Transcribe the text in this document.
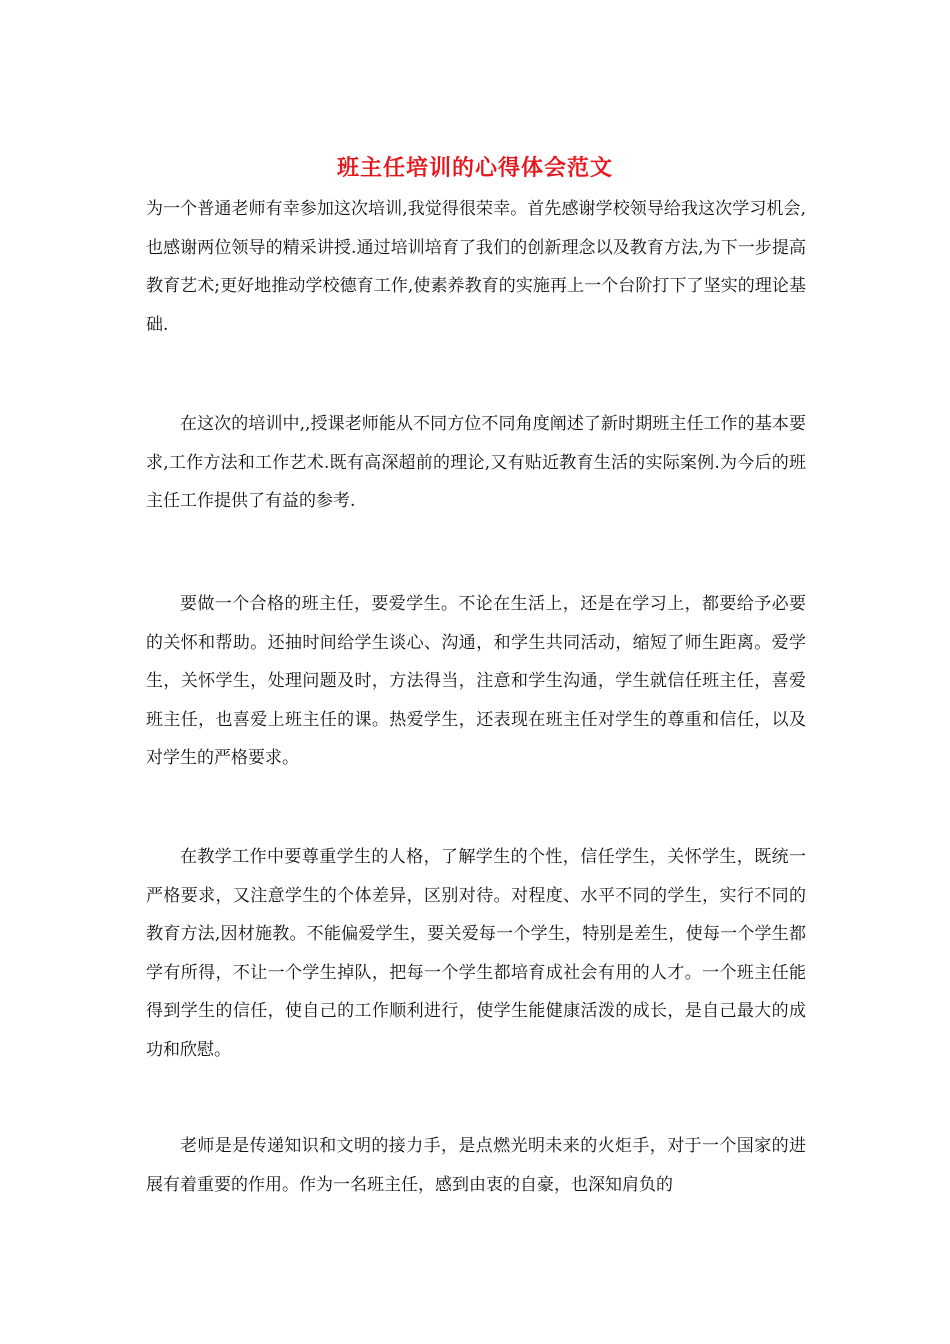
班主任培训的心得体会范文

为一个普通老师有幸参加这次培训,我觉得很荣幸。首先感谢学校领导给我这次学习机会,也感谢两位领导的精采讲授.通过培训培育了我们的创新理念以及教育方法,为下一步提高教育艺术;更好地推动学校德育工作,使素养教育的实施再上一个台阶打下了坚实的理论基础.

在这次的培训中,,授课老师能从不同方位不同角度阐述了新时期班主任工作的基本要求,工作方法和工作艺术.既有高深超前的理论,又有贴近教育生活的实际案例.为今后的班主任工作提供了有益的参考.

要做一个合格的班主任，要爱学生。不论在生活上，还是在学习上，都要给予必要的关怀和帮助。还抽时间给学生谈心、沟通，和学生共同活动，缩短了师生距离。爱学生，关怀学生，处理问题及时，方法得当，注意和学生沟通，学生就信任班主任，喜爱班主任，也喜爱上班主任的课。热爱学生，还表现在班主任对学生的尊重和信任，以及对学生的严格要求。

在教学工作中要尊重学生的人格，了解学生的个性，信任学生，关怀学生，既统一严格要求，又注意学生的个体差异，区别对待。对程度、水平不同的学生，实行不同的教育方法,因材施教。不能偏爱学生，要关爱每一个学生，特别是差生，使每一个学生都学有所得，不让一个学生掉队，把每一个学生都培育成社会有用的人才。一个班主任能得到学生的信任，使自己的工作顺利进行，使学生能健康活泼的成长，是自己最大的成功和欣慰。

老师是是传递知识和文明的接力手，是点燃光明未来的火炬手，对于一个国家的进展有着重要的作用。作为一名班主任，感到由衷的自豪，也深知肩负的
